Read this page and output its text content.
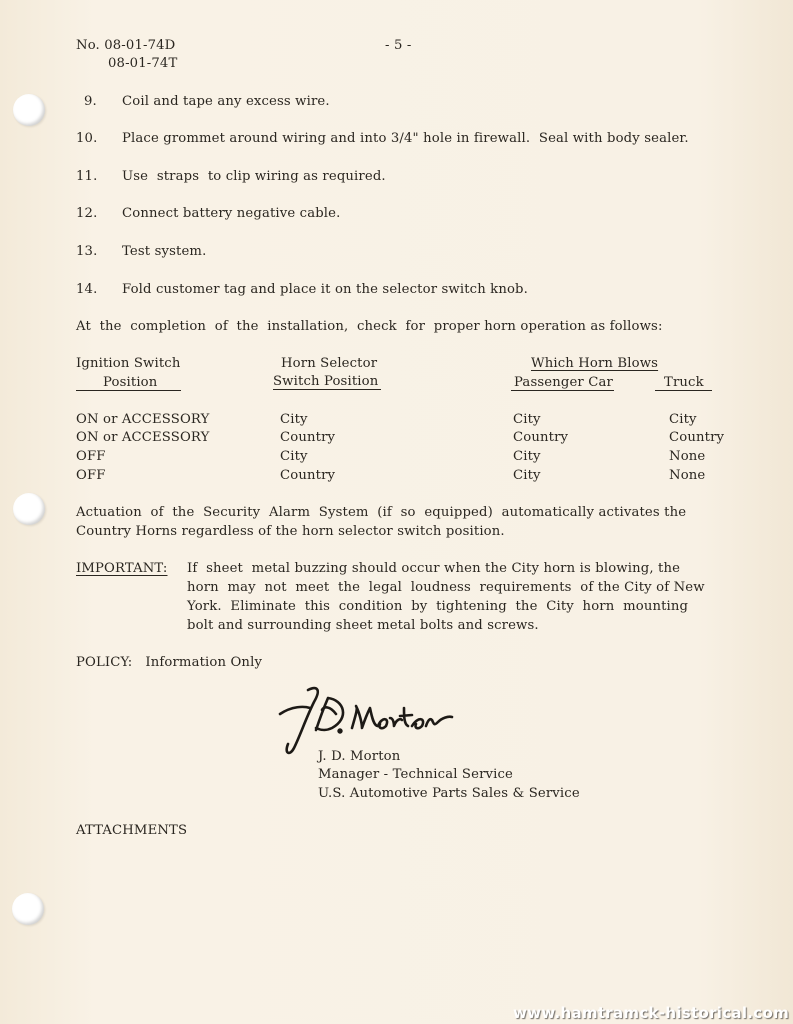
No. 08-01-74D
08-01-74T
- 5 -
9. Coil and tape any excess wire.
10. Place grommet around wiring and into 3/4" hole in firewall.  Seal with body sealer.
11. Use  straps  to clip wiring as required.
12. Connect battery negative cable.
13. Test system.
14. Fold customer tag and place it on the selector switch knob.
At  the  completion  of  the  installation,  check  for  proper horn operation as follows:
Ignition Switch
Position
Horn Selector
Switch Position
Which Horn Blows
Passenger Car	Truck
ON or ACCESSORY	City	City	City
ON or ACCESSORY	Country	Country	Country
OFF	City	City	None
OFF	Country	City	None
Actuation  of  the  Security  Alarm  System  (if  so  equipped)  automatically activates the
Country Horns regardless of the horn selector switch position.
IMPORTANT: If  sheet  metal buzzing should occur when the City horn is blowing, the
horn  may  not  meet  the  legal  loudness  requirements  of the City of New
York.  Eliminate  this  condition  by  tightening  the  City  horn  mounting
bolt and surrounding sheet metal bolts and screws.
POLICY:   Information Only
J. D. Morton
Manager - Technical Service
U.S. Automotive Parts Sales & Service
ATTACHMENTS
www.hamtramck-historical.com
